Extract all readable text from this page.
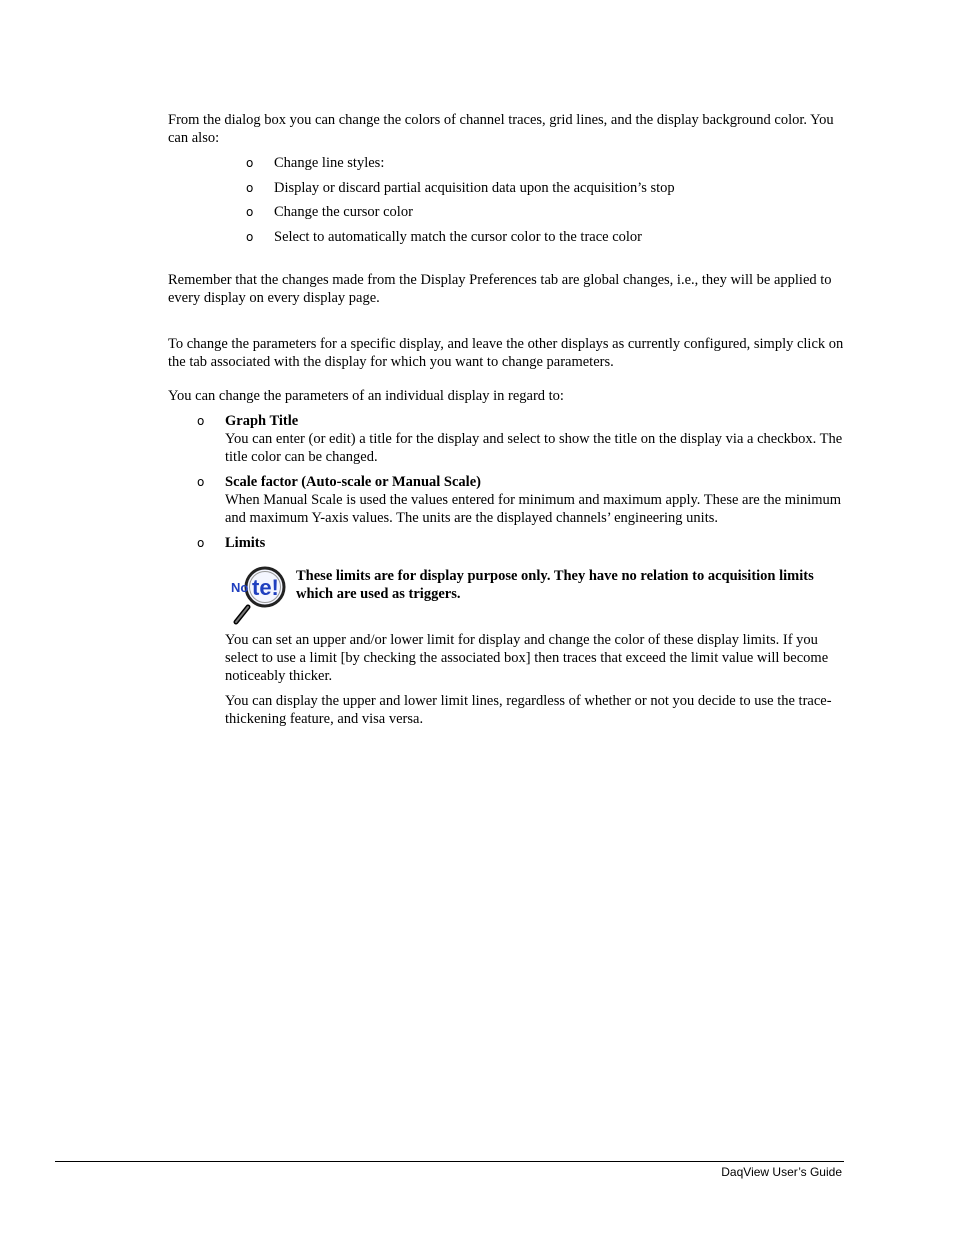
From the dialog box you can change the colors of channel traces, grid lines, and the display background color. You can also:

o Change line styles:
o Display or discard partial acquisition data upon the acquisition’s stop
o Change the cursor color
o Select to automatically match the cursor color to the trace color

Remember that the changes made from the Display Preferences tab are global changes, i.e., they will be applied to every display on every display page.

To change the parameters for a specific display, and leave the other displays as currently configured, simply click on the tab associated with the display for which you want to change parameters.

You can change the parameters of an individual display in regard to:

o Graph Title
You can enter (or edit) a title for the display and select to show the title on the display via a checkbox. The title color can be changed.
o Scale factor (Auto-scale or Manual Scale)
When Manual Scale is used the values entered for minimum and maximum apply. These are the minimum and maximum Y-axis values. The units are the displayed channels’ engineering units.
o Limits
No te! These limits are for display purpose only. They have no relation to acquisition limits which are used as triggers.

You can set an upper and/or lower limit for display and change the color of these display limits. If you select to use a limit [by checking the associated box] then traces that exceed the limit value will become noticeably thicker.

You can display the upper and lower limit lines, regardless of whether or not you decide to use the trace-thickening feature, and visa versa.

DaqView User’s Guide
